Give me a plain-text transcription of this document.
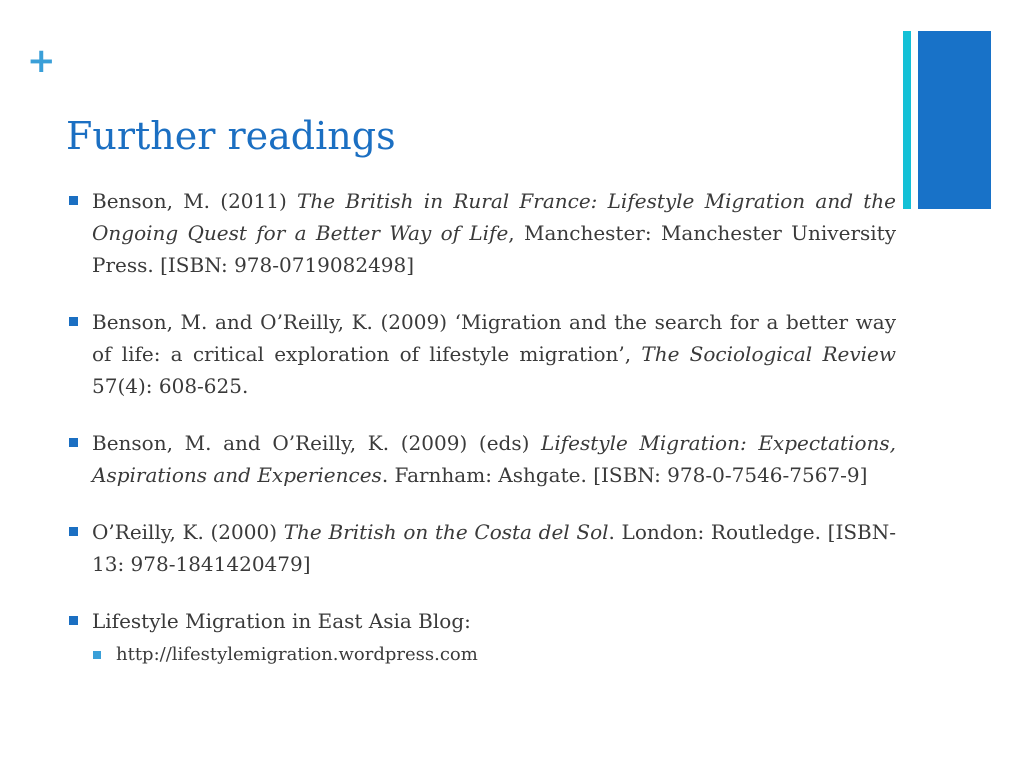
+
Further readings
Benson, M. (2011) The British in Rural France: Lifestyle Migration and the Ongoing Quest for a Better Way of Life, Manchester: Manchester University Press. [ISBN: 978-0719082498]
Benson, M. and O’Reilly, K. (2009) ‘Migration and the search for a better way of life: a critical exploration of lifestyle migration’, The Sociological Review 57(4): 608-625.
Benson, M. and O’Reilly, K. (2009) (eds) Lifestyle Migration: Expectations, Aspirations and Experiences. Farnham: Ashgate. [ISBN: 978-0-7546-7567-9]
O’Reilly, K. (2000) The British on the Costa del Sol. London: Routledge. [ISBN-13: 978-1841420479]
Lifestyle Migration in East Asia Blog:
http://lifestylemigration.wordpress.com
